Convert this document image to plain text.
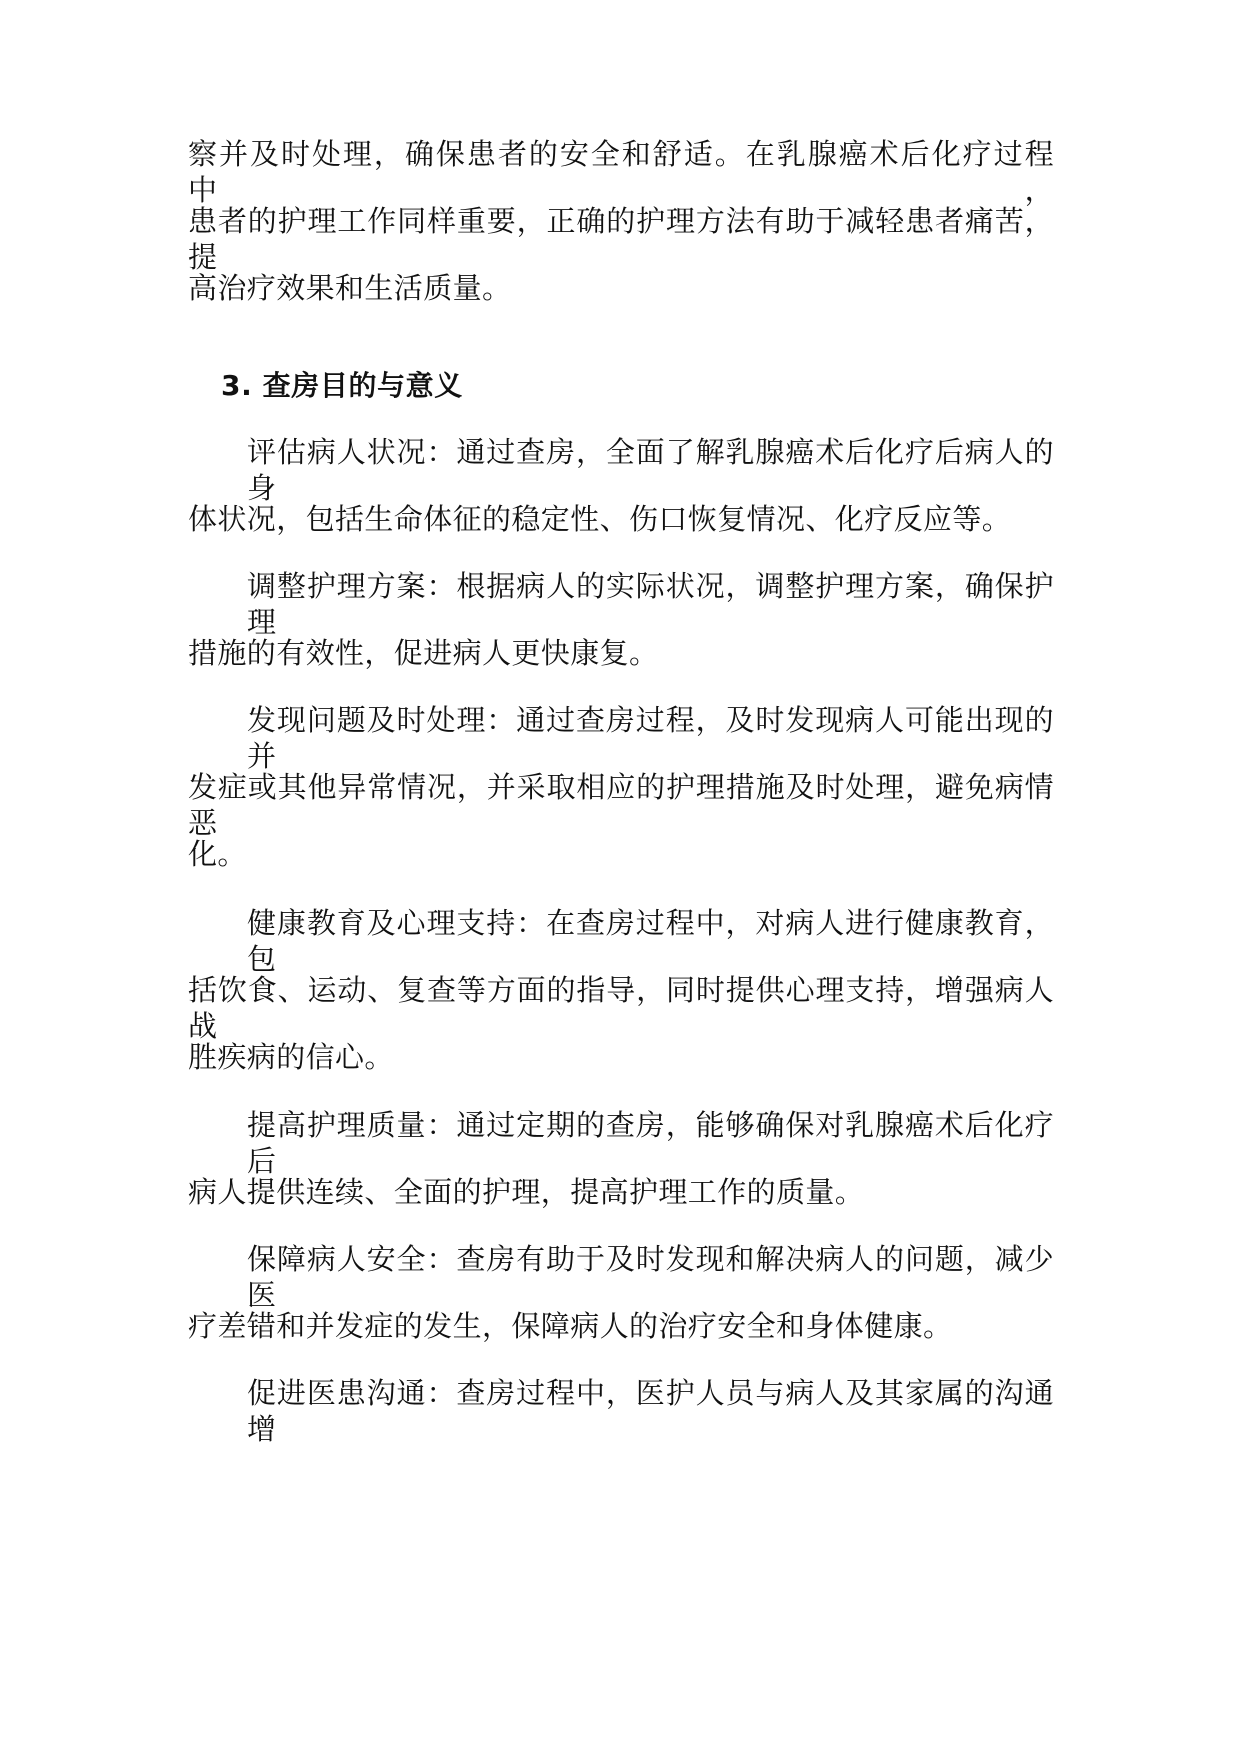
察并及时处理，确保患者的安全和舒适。在乳腺癌术后化疗过程中，
患者的护理工作同样重要，正确的护理方法有助于减轻患者痛苦，提
高治疗效果和生活质量。
3. 查房目的与意义
评估病人状况：通过查房，全面了解乳腺癌术后化疗后病人的身
体状况，包括生命体征的稳定性、伤口恢复情况、化疗反应等。
调整护理方案：根据病人的实际状况，调整护理方案，确保护理
措施的有效性，促进病人更快康复。
发现问题及时处理：通过查房过程，及时发现病人可能出现的并
发症或其他异常情况，并采取相应的护理措施及时处理，避免病情恶
化。
健康教育及心理支持：在查房过程中，对病人进行健康教育，包
括饮食、运动、复查等方面的指导，同时提供心理支持，增强病人战
胜疾病的信心。
提高护理质量：通过定期的查房，能够确保对乳腺癌术后化疗后
病人提供连续、全面的护理，提高护理工作的质量。
保障病人安全：查房有助于及时发现和解决病人的问题，减少医
疗差错和并发症的发生，保障病人的治疗安全和身体健康。
促进医患沟通：查房过程中，医护人员与病人及其家属的沟通增
